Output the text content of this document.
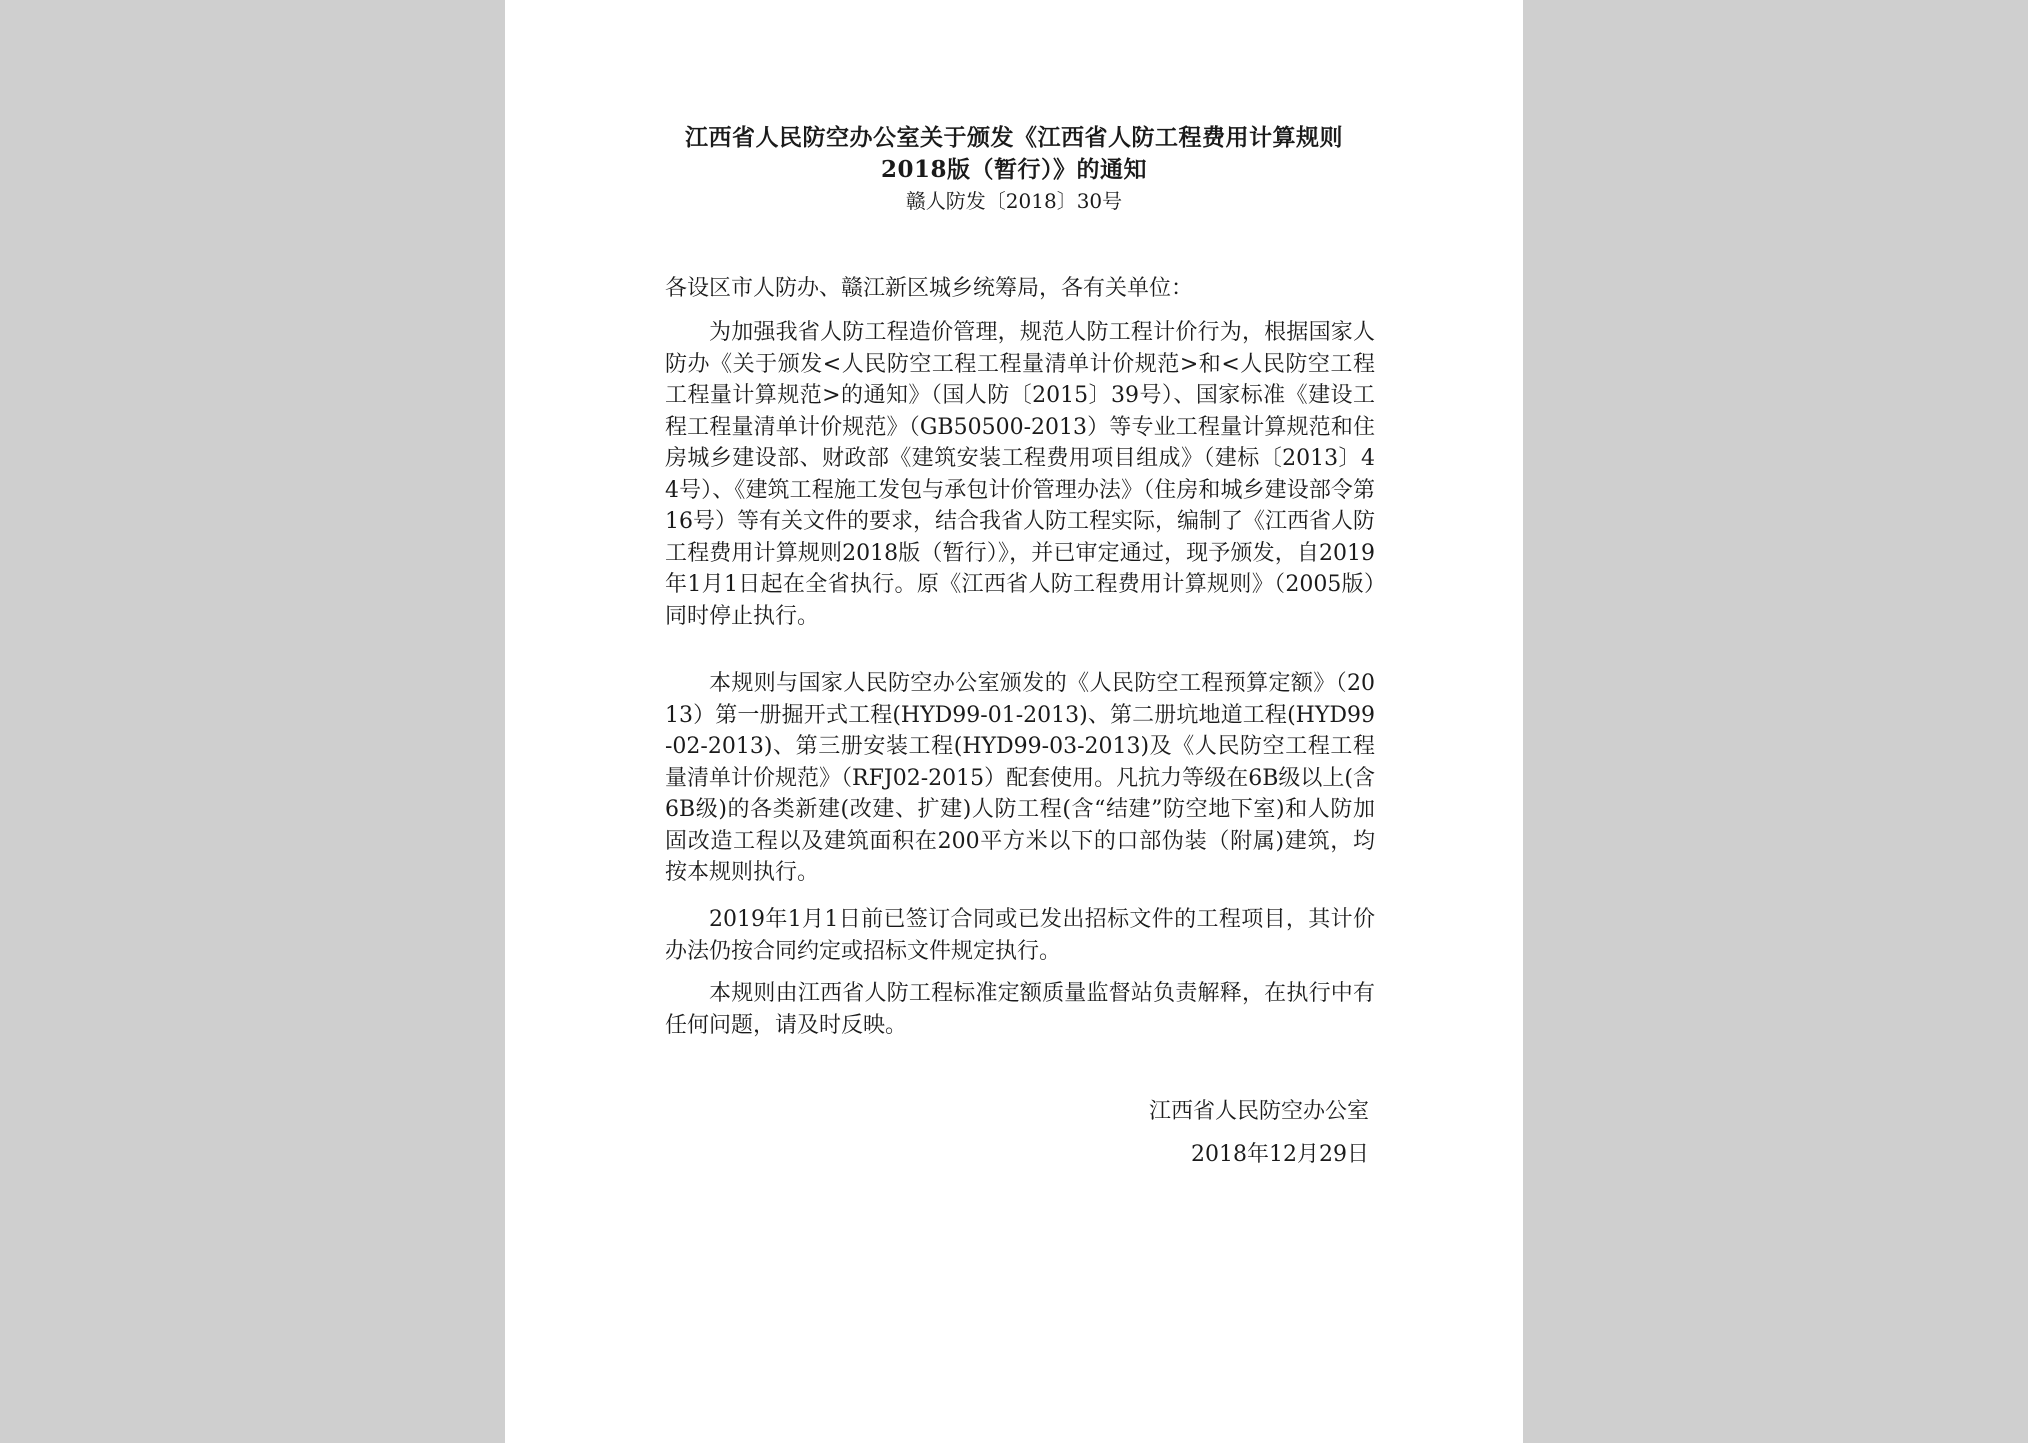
江西省人民防空办公室关于颁发《江西省人防工程费用计算规则
2018版（暂行）》的通知
赣人防发〔2018〕30号
各设区市人防办、赣江新区城乡统筹局，各有关单位：
为加强我省人防工程造价管理，规范人防工程计价行为，根据国家人防办《关于颁发<人民防空工程工程量清单计价规范>和<人民防空工程工程量计算规范>的通知》（国人防〔2015〕39号）、国家标准《建设工程工程量清单计价规范》（GB50500-2013）等专业工程量计算规范和住房城乡建设部、财政部《建筑安装工程费用项目组成》（建标〔2013〕44号）、《建筑工程施工发包与承包计价管理办法》（住房和城乡建设部令第16号）等有关文件的要求，结合我省人防工程实际，编制了《江西省人防工程费用计算规则2018版（暂行）》，并已审定通过，现予颁发，自2019年1月1日起在全省执行。原《江西省人防工程费用计算规则》（2005版）同时停止执行。
本规则与国家人民防空办公室颁发的《人民防空工程预算定额》（2013）第一册掘开式工程(HYD99-01-2013)、第二册坑地道工程(HYD99-02-2013)、第三册安装工程(HYD99-03-2013)及《人民防空工程工程量清单计价规范》（RFJ02-2015）配套使用。凡抗力等级在6B级以上(含6B级)的各类新建(改建、扩建)人防工程(含“结建”防空地下室)和人防加固改造工程以及建筑面积在200平方米以下的口部伪装（附属)建筑，均按本规则执行。
2019年1月1日前已签订合同或已发出招标文件的工程项目，其计价办法仍按合同约定或招标文件规定执行。
本规则由江西省人防工程标准定额质量监督站负责解释，在执行中有任何问题，请及时反映。
江西省人民防空办公室
2018年12月29日
